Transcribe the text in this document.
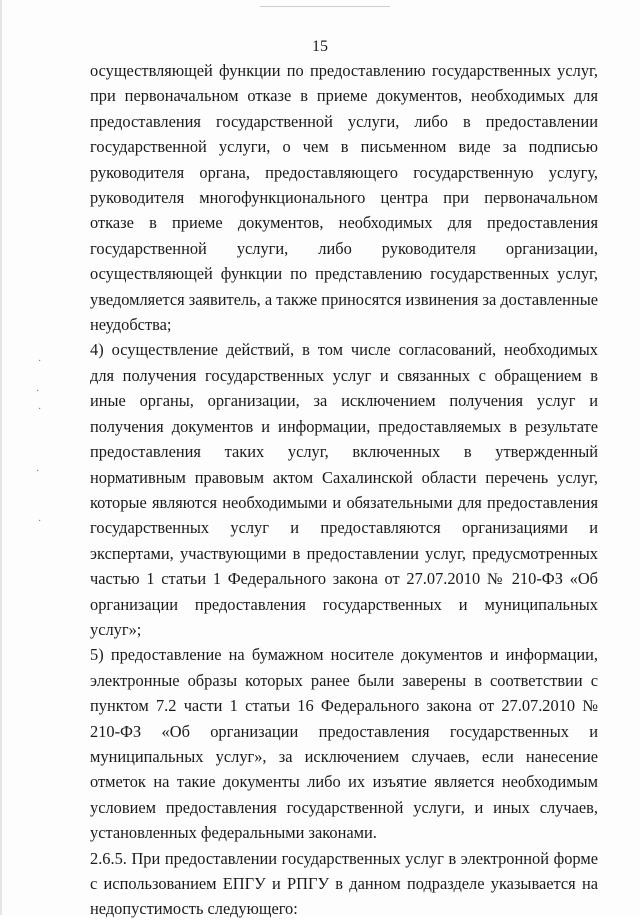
15

осуществляющей функции по предоставлению государственных услуг, при первоначальном отказе в приеме документов, необходимых для предоставления государственной услуги, либо в предоставлении государственной услуги, о чем в письменном виде за подписью руководителя органа, предоставляющего государственную услугу, руководителя многофункционального центра при первоначальном отказе в приеме документов, необходимых для предоставления государственной услуги, либо руководителя организации, осуществляющей функции по представлению государственных услуг, уведомляется заявитель, а также приносятся извинения за доставленные неудобства;

4) осуществление действий, в том числе согласований, необходимых для получения государственных услуг и связанных с обращением в иные органы, организации, за исключением получения услуг и получения документов и информации, предоставляемых в результате предоставления таких услуг, включенных в утвержденный нормативным правовым актом Сахалинской области перечень услуг, которые являются необходимыми и обязательными для предоставления государственных услуг и предоставляются организациями и экспертами, участвующими в предоставлении услуг, предусмотренных частью 1 статьи 1 Федерального закона от 27.07.2010 № 210-ФЗ «Об организации предоставления государственных и муниципальных услуг»;

5) предоставление на бумажном носителе документов и информации, электронные образы которых ранее были заверены в соответствии с пунктом 7.2 части 1 статьи 16 Федерального закона от 27.07.2010 № 210-ФЗ «Об организации предоставления государственных и муниципальных услуг», за исключением случаев, если нанесение отметок на такие документы либо их изъятие является необходимым условием предоставления государственной услуги, и иных случаев, установленных федеральными законами.

2.6.5. При предоставлении государственных услуг в электронной форме с использованием ЕПГУ и РПГУ в данном подразделе указывается на недопустимость следующего:

·
·
·
·
·
